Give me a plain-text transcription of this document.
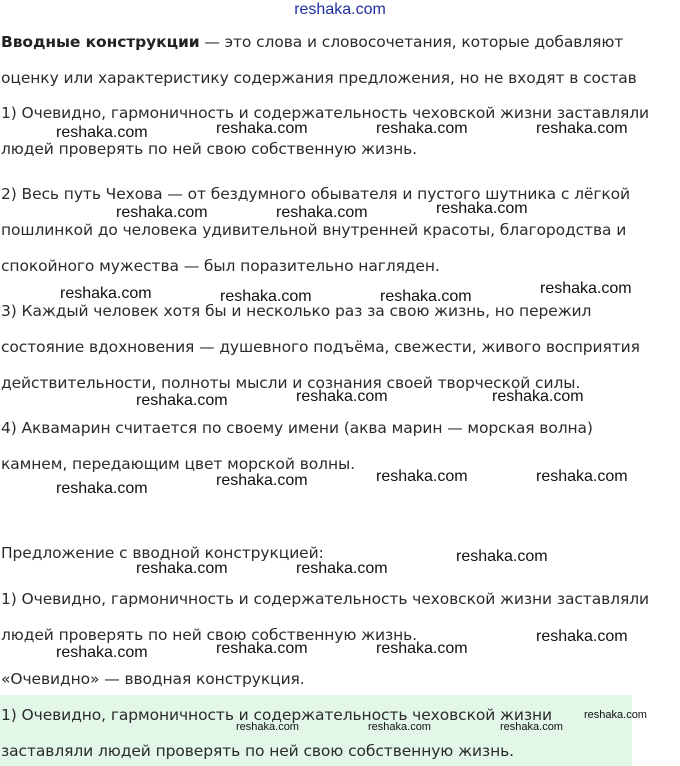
reshaka.com
Вводные конструкции — это слова и словосочетания, которые добавляют
оценку или характеристику содержания предложения, но не входят в состав
1) Очевидно, гармоничность и содержательность чеховской жизни заставляли
людей проверять по ней свою собственную жизнь.
2) Весь путь Чехова — от бездумного обывателя и пустого шутника с лёгкой
пошлинкой до человека удивительной внутренней красоты, благородства и
спокойного мужества — был поразительно нагляден.
3) Каждый человек хотя бы и несколько раз за свою жизнь, но пережил
состояние вдохновения — душевного подъёма, свежести, живого восприятия
действительности, полноты мысли и сознания своей творческой силы.
4) Аквамарин считается по своему имени (аква марин — морская волна)
камнем, передающим цвет морской волны.
Предложение с вводной конструкцией:
1) Очевидно, гармоничность и содержательность чеховской жизни заставляли
людей проверять по ней свою собственную жизнь.
«Очевидно» — вводная конструкция.
1) Очевидно, гармоничность и содержательность чеховской жизни
заставляли людей проверять по ней свою собственную жизнь.
reshaka.com	reshaka.com	reshaka.com	reshaka.com
reshaka.com	reshaka.com	reshaka.com
reshaka.com	reshaka.com	reshaka.com	reshaka.com
reshaka.com	reshaka.com	reshaka.com
reshaka.com	reshaka.com	reshaka.com	reshaka.com
reshaka.com
reshaka.com	reshaka.com
reshaka.com
reshaka.com	reshaka.com	reshaka.com
reshaka.com
reshaka.com	reshaka.com	reshaka.com
